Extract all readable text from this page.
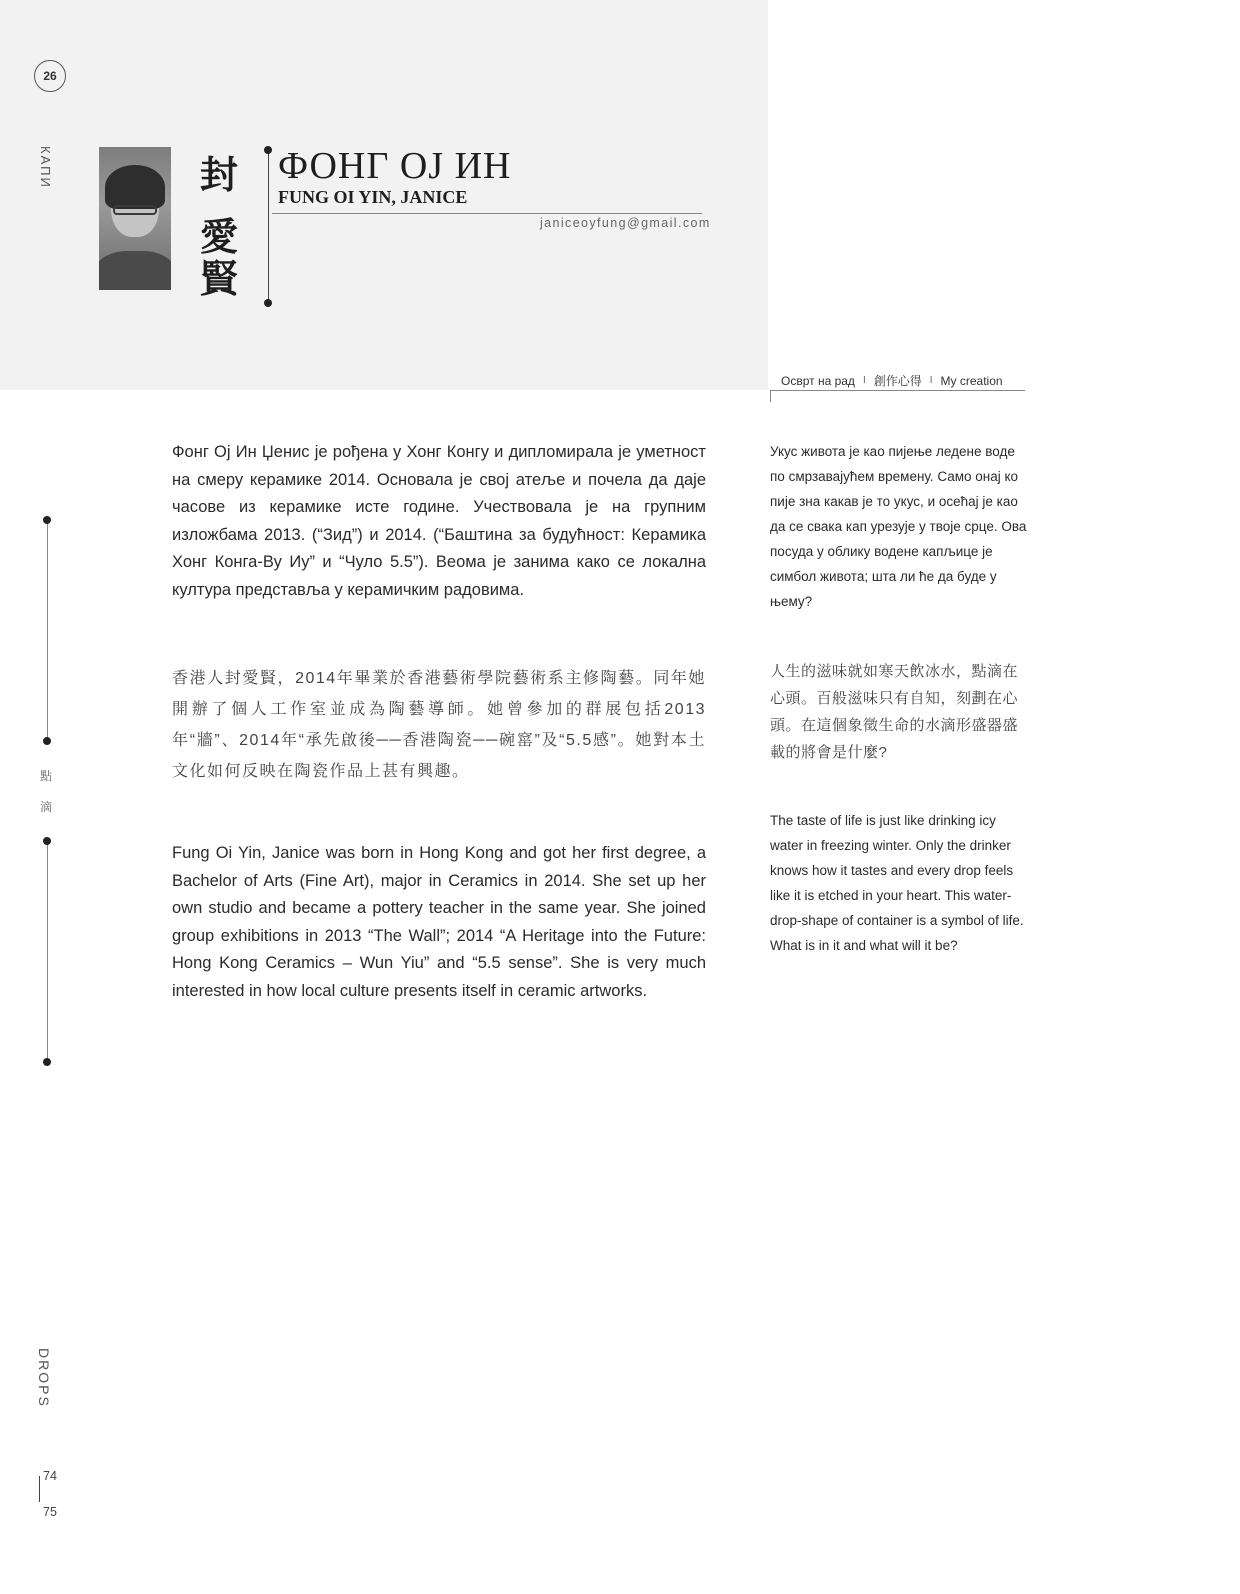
26
КАПИ	封
愛
賢
ФОНГ ОЈ ИН
FUNG OI YIN, JANICE
janiceoyfung@gmail.com
Осврт на рад I 創作心得 I My creation

Фонг Ој Ин Џенис је рођена у Хонг Конгу и дипломирала је уметност на смеру керамике 2014. Основала је свој атеље и почела да даје часове из керамике исте године. Учествовала је на групним изложбама 2013. (“Зид”) и 2014. (“Баштина за будућност: Керамика Хонг Конга-Ву Иу” и “Чуло 5.5”). Веома је занима како се локална култура представља у керамичким радовима.

香港人封愛賢，2014年畢業於香港藝術學院藝術系主修陶藝。同年她開辦了個人工作室並成為陶藝導師。她曾參加的群展包括2013年“牆”、2014年“承先啟後──香港陶瓷──碗窰”及“5.5感”。她對本土文化如何反映在陶瓷作品上甚有興趣。

Fung Oi Yin, Janice was born in Hong Kong and got her first degree, a Bachelor of Arts (Fine Art), major in Ceramics in 2014. She set up her own studio and became a pottery teacher in the same year. She joined group exhibitions in 2013 “The Wall”; 2014 “A Heritage into the Future: Hong Kong Ceramics – Wun Yiu” and “5.5 sense”. She is very much interested in how local culture presents itself in ceramic artworks.

Укус живота је као пијење ледене воде по смрзавајућем времену. Само онај ко пије зна какав је то укус, и осећај је као да се свака кап урезује у твоје срце. Ова посуда у облику водене капљице је симбол живота; шта ли ће да буде у њему?

人生的滋味就如寒天飲冰水，點滴在心頭。百般滋味只有自知，刻劃在心頭。在這個象徵生命的水滴形盛器盛載的將會是什麼?

The taste of life is just like drinking icy water in freezing winter. Only the drinker knows how it tastes and every drop feels like it is etched in your heart. This water-drop-shape of container is a symbol of life. What is in it and what will it be?

點
滴
DROPS
74
75
